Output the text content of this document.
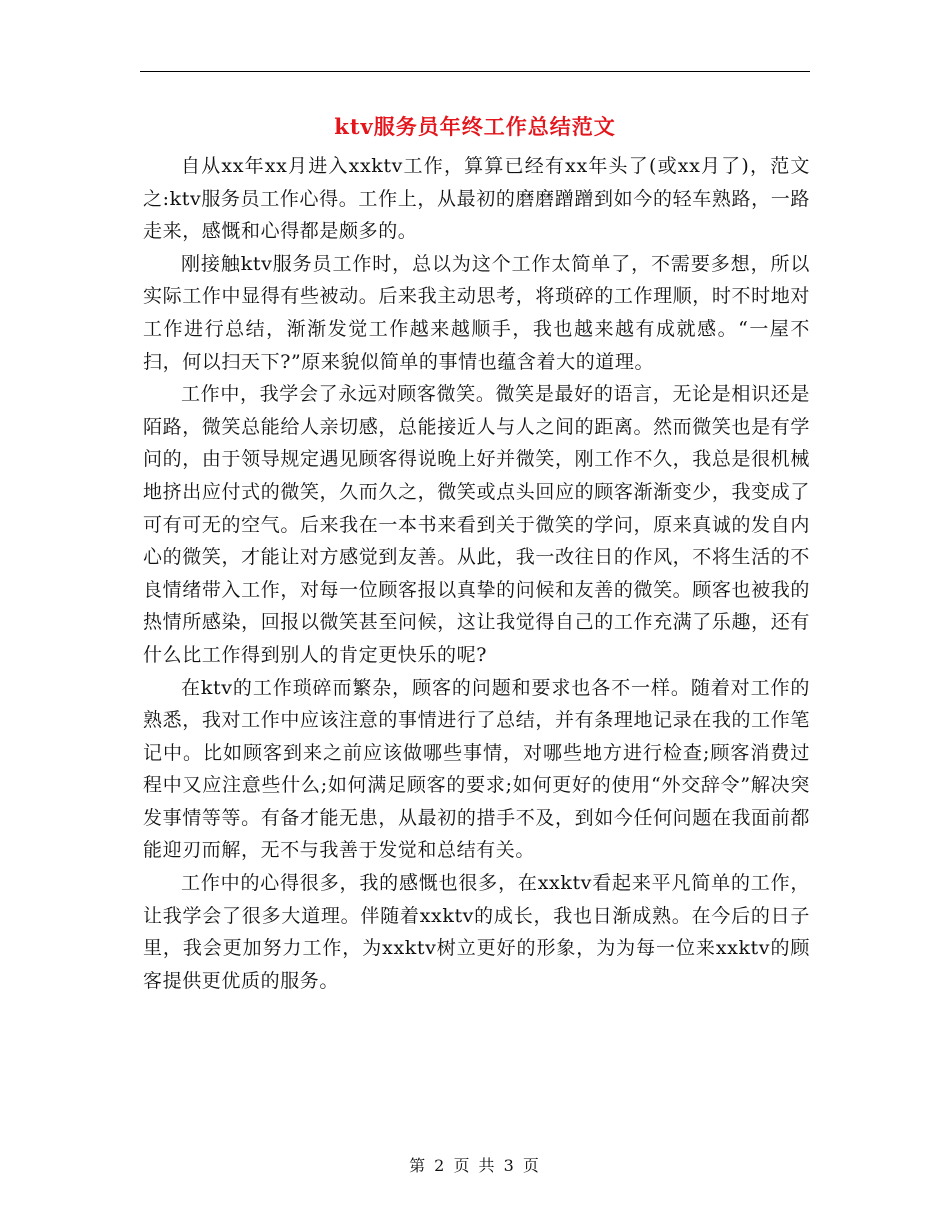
ktv服务员年终工作总结范文

自从xx年xx月进入xxktv工作，算算已经有xx年头了(或xx月了)，范文之:ktv服务员工作心得。工作上，从最初的磨磨蹭蹭到如今的轻车熟路，一路走来，感慨和心得都是颇多的。

刚接触ktv服务员工作时，总以为这个工作太简单了，不需要多想，所以实际工作中显得有些被动。后来我主动思考，将琐碎的工作理顺，时不时地对工作进行总结，渐渐发觉工作越来越顺手，我也越来越有成就感。“一屋不扫，何以扫天下?”原来貌似简单的事情也蕴含着大的道理。

工作中，我学会了永远对顾客微笑。微笑是最好的语言，无论是相识还是陌路，微笑总能给人亲切感，总能接近人与人之间的距离。然而微笑也是有学问的，由于领导规定遇见顾客得说晚上好并微笑，刚工作不久，我总是很机械地挤出应付式的微笑，久而久之，微笑或点头回应的顾客渐渐变少，我变成了可有可无的空气。后来我在一本书来看到关于微笑的学问，原来真诚的发自内心的微笑，才能让对方感觉到友善。从此，我一改往日的作风，不将生活的不良情绪带入工作，对每一位顾客报以真挚的问候和友善的微笑。顾客也被我的热情所感染，回报以微笑甚至问候，这让我觉得自己的工作充满了乐趣，还有什么比工作得到别人的肯定更快乐的呢?

在ktv的工作琐碎而繁杂，顾客的问题和要求也各不一样。随着对工作的熟悉，我对工作中应该注意的事情进行了总结，并有条理地记录在我的工作笔记中。比如顾客到来之前应该做哪些事情，对哪些地方进行检查;顾客消费过程中又应注意些什么;如何满足顾客的要求;如何更好的使用“外交辞令”解决突发事情等等。有备才能无患，从最初的措手不及，到如今任何问题在我面前都能迎刃而解，无不与我善于发觉和总结有关。

工作中的心得很多，我的感慨也很多，在xxktv看起来平凡简单的工作，让我学会了很多大道理。伴随着xxktv的成长，我也日渐成熟。在今后的日子里，我会更加努力工作，为xxktv树立更好的形象，为为每一位来xxktv的顾客提供更优质的服务。

第 2 页 共 3 页
